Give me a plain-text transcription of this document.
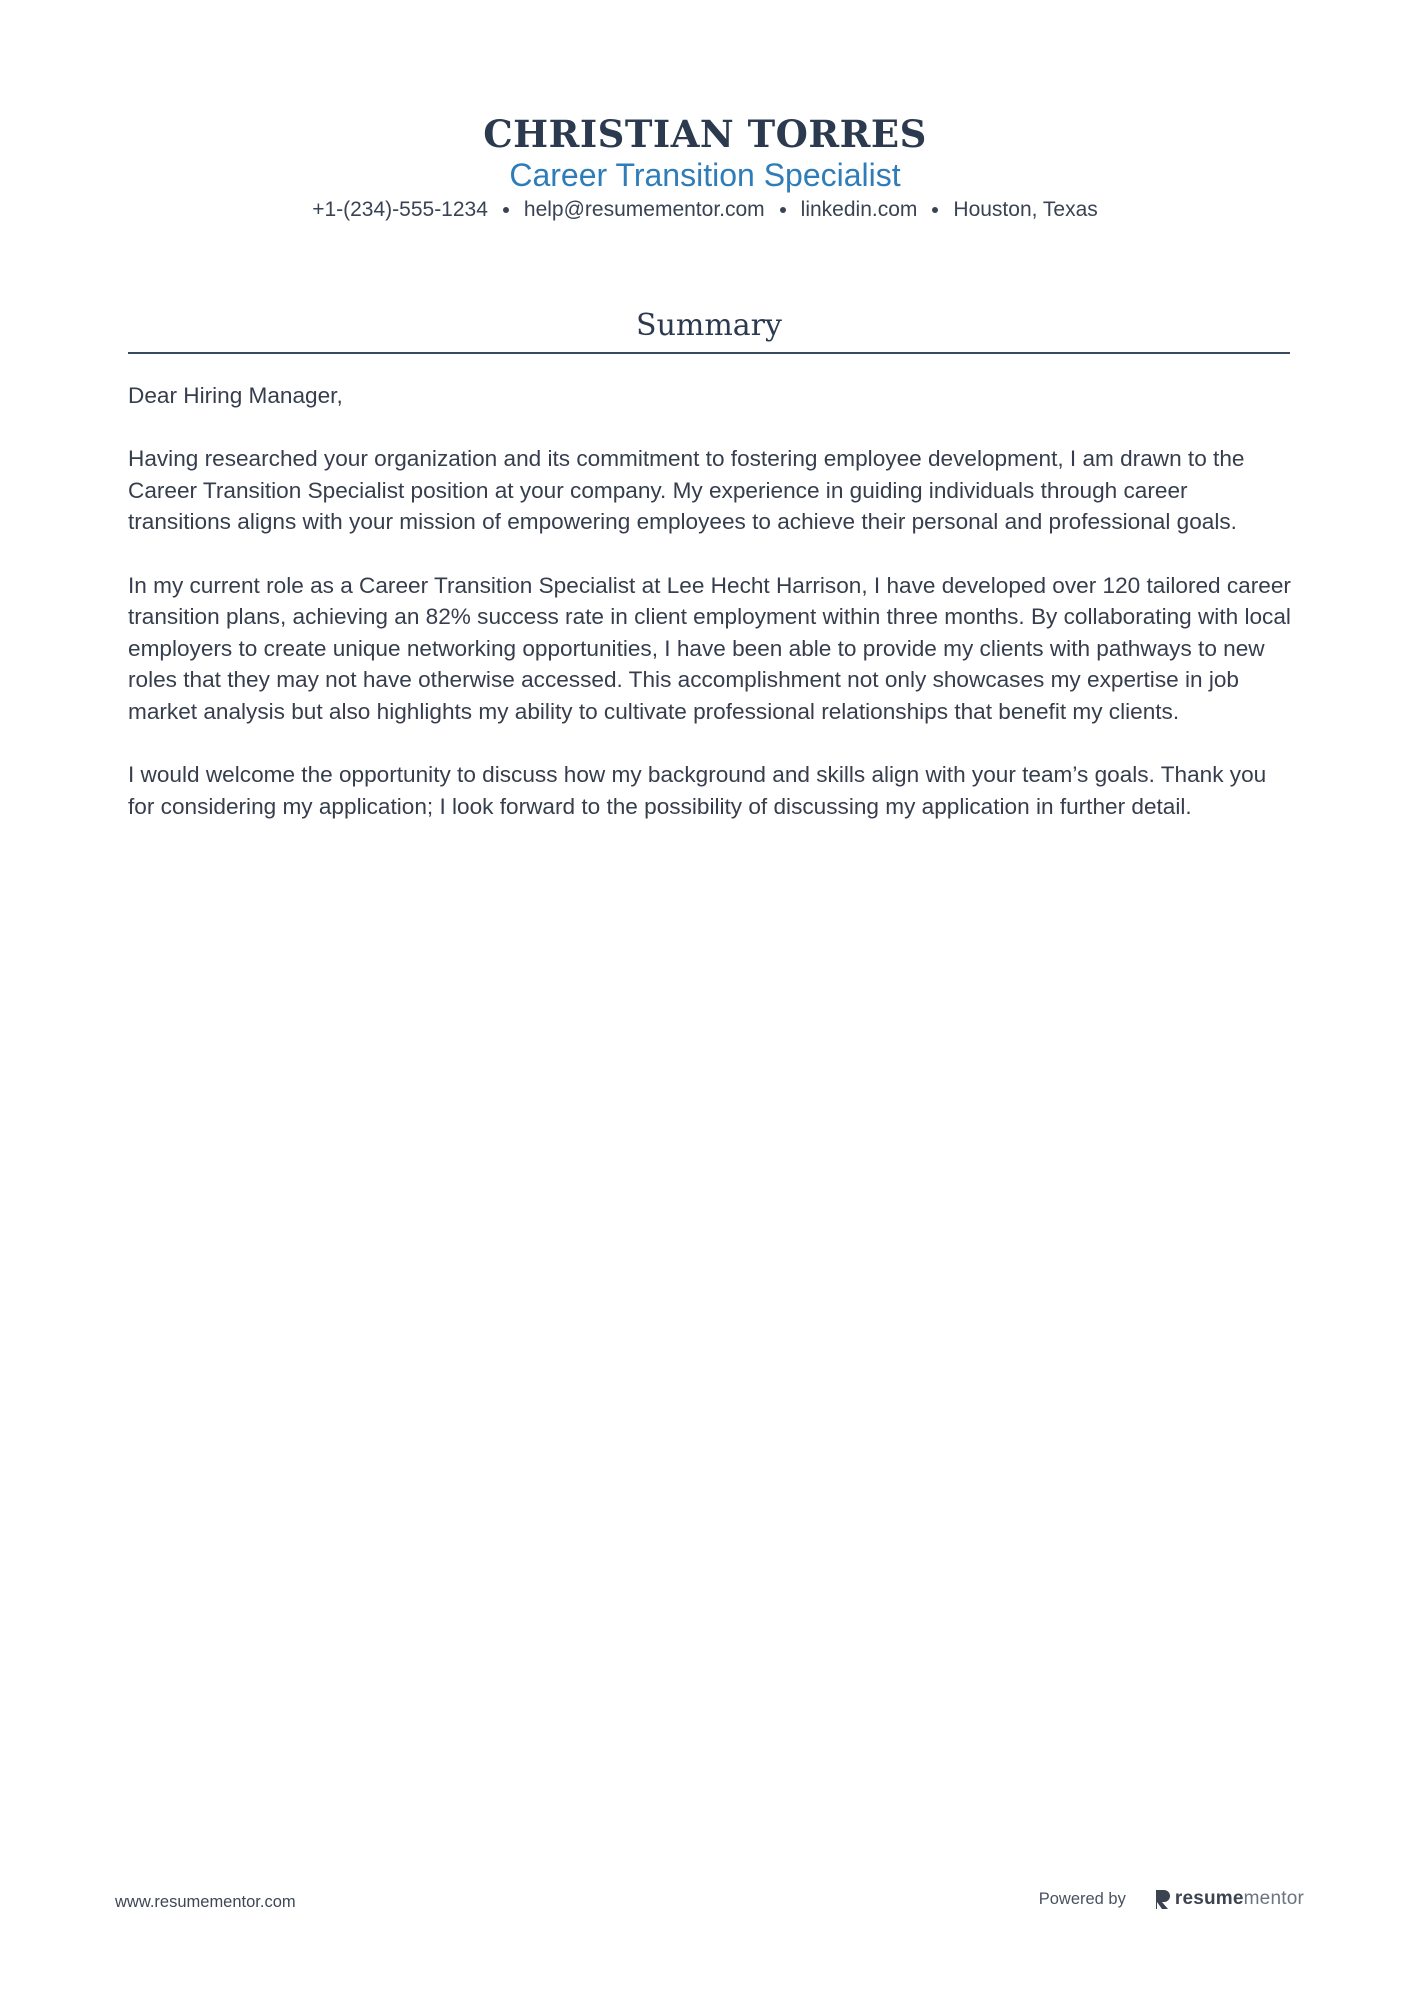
CHRISTIAN TORRES
Career Transition Specialist
+1-(234)-555-1234 help@resumementor.com linkedin.com Houston, Texas
Summary

Dear Hiring Manager,

Having researched your organization and its commitment to fostering employee development, I am drawn to the Career Transition Specialist position at your company. My experience in guiding individuals through career transitions aligns with your mission of empowering employees to achieve their personal and professional goals.

In my current role as a Career Transition Specialist at Lee Hecht Harrison, I have developed over 120 tailored career transition plans, achieving an 82% success rate in client employment within three months. By collaborating with local employers to create unique networking opportunities, I have been able to provide my clients with pathways to new roles that they may not have otherwise accessed. This accomplishment not only showcases my expertise in job market analysis but also highlights my ability to cultivate professional relationships that benefit my clients.

I would welcome the opportunity to discuss how my background and skills align with your team’s goals. Thank you for considering my application; I look forward to the possibility of discussing my application in further detail.

www.resumementor.com	Powered by	resumementor
